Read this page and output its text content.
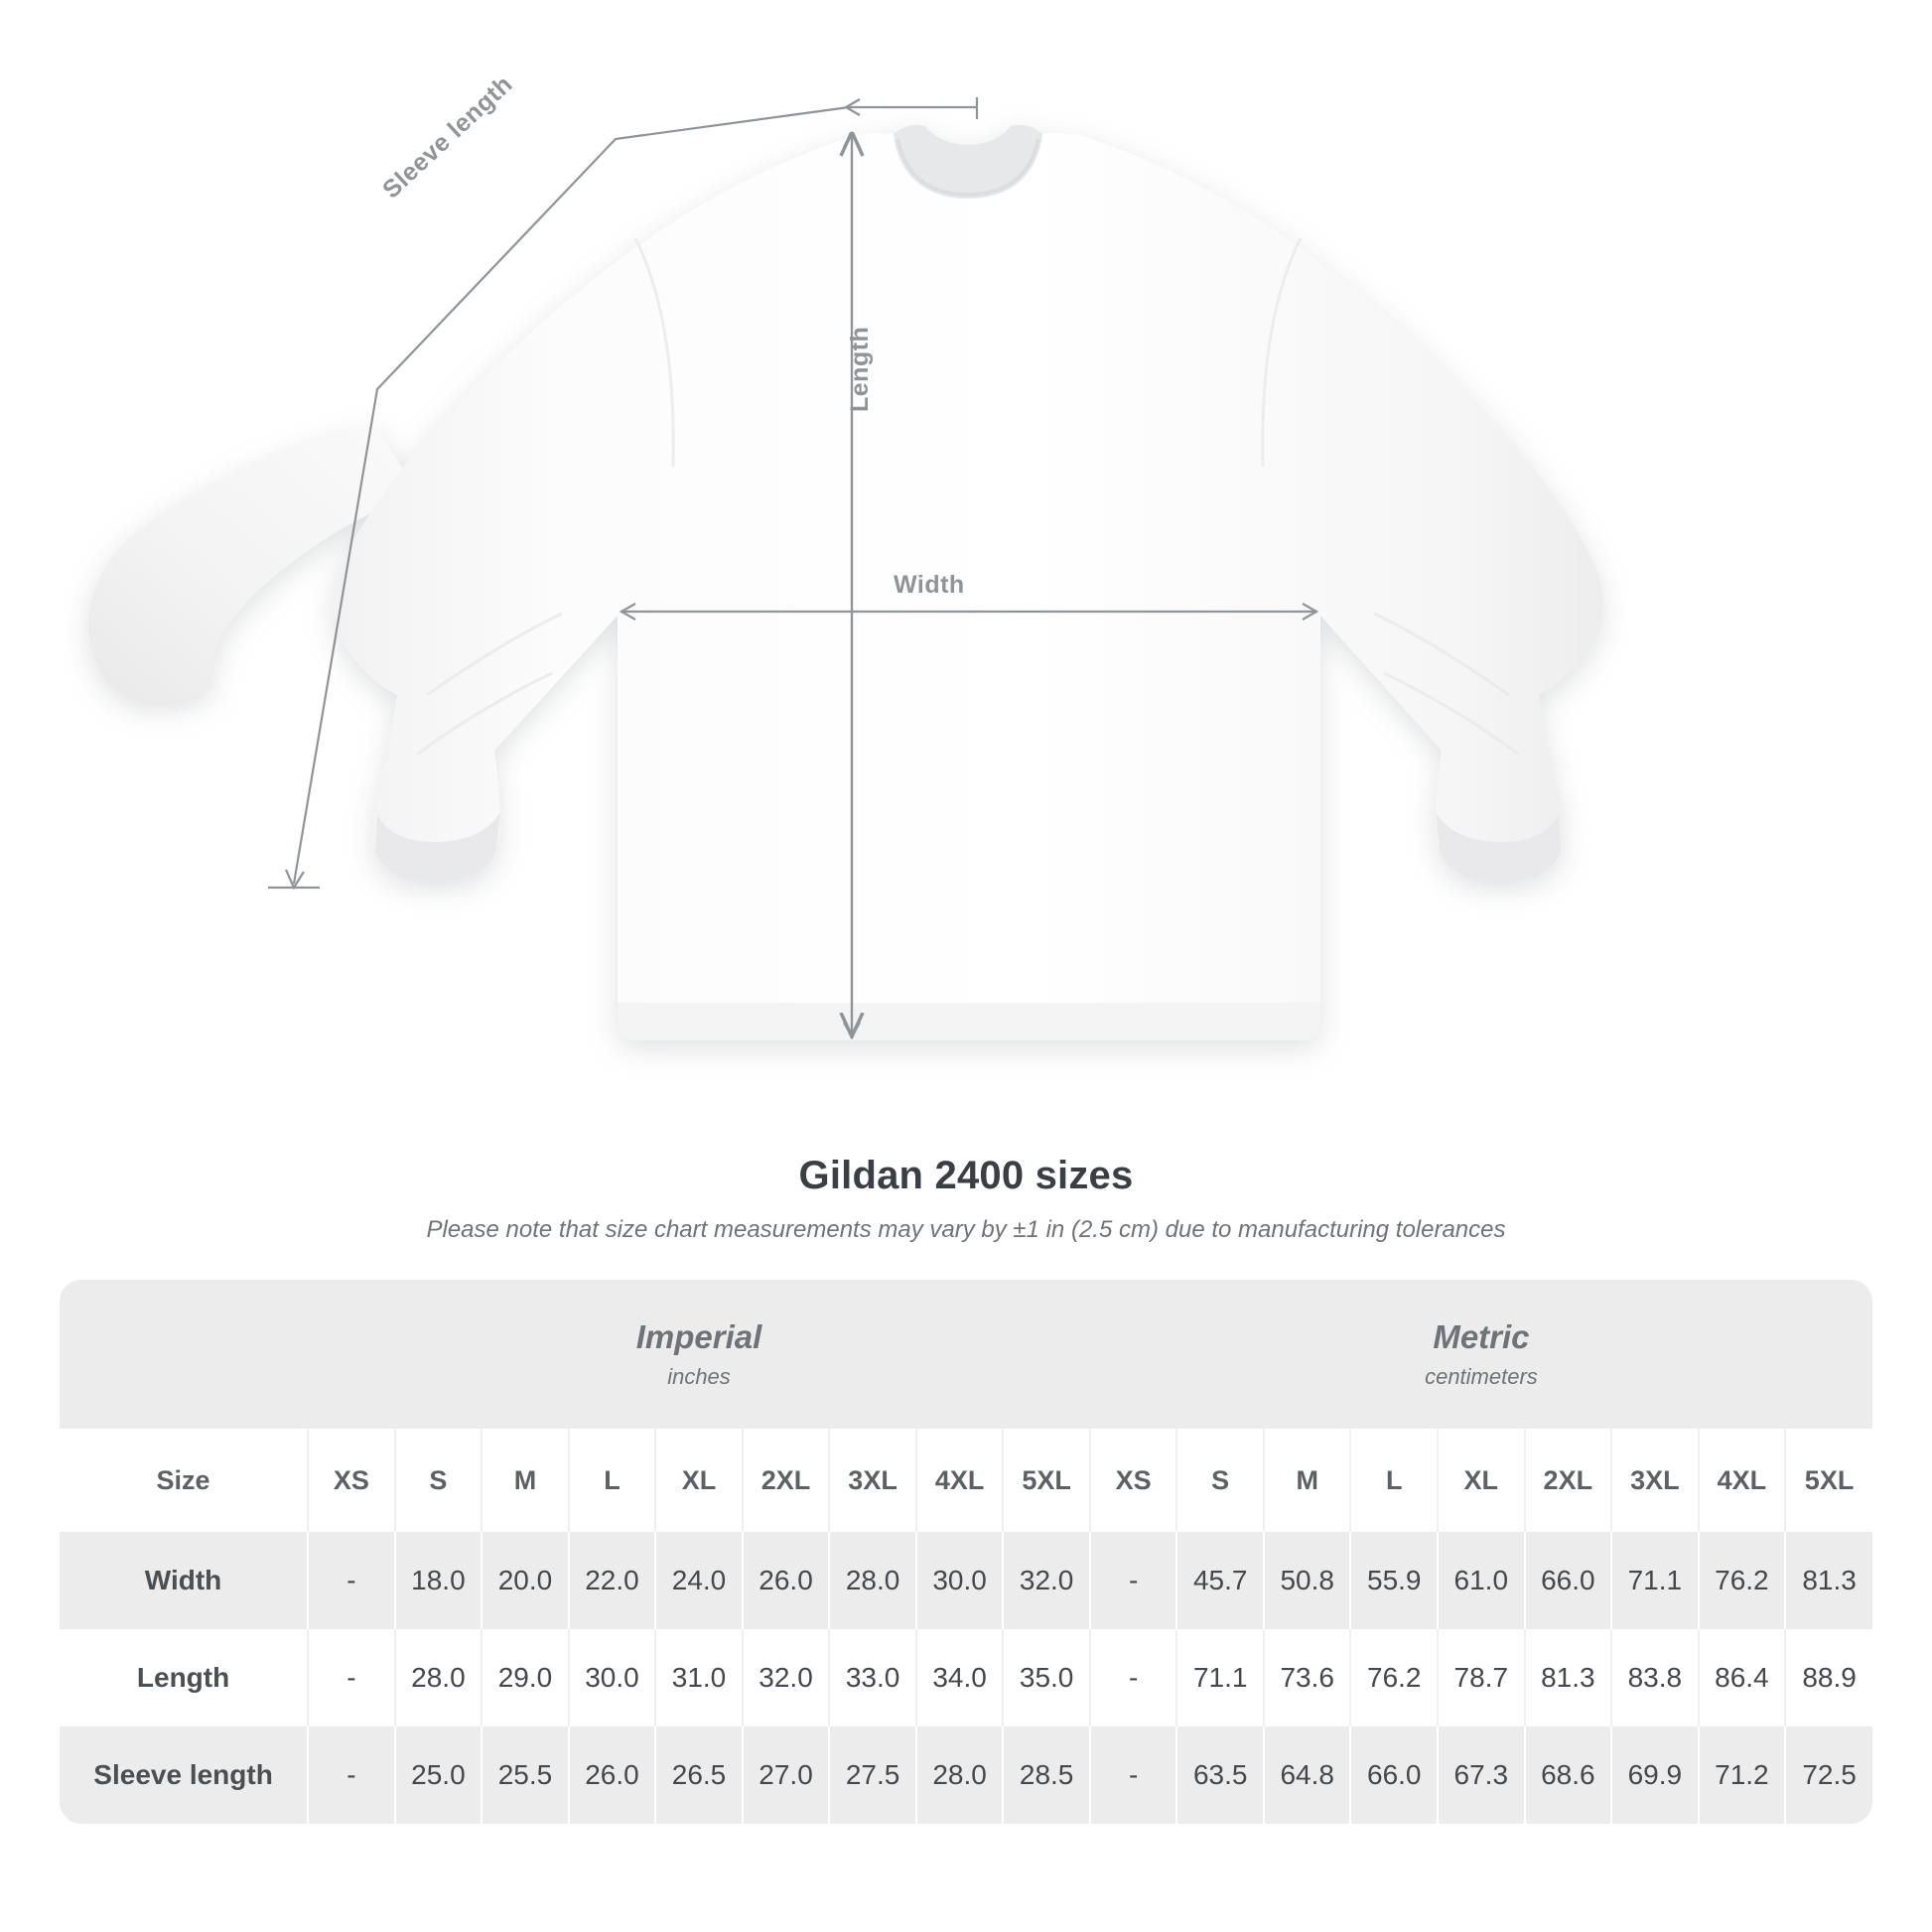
Length
Width
Sleeve length
Gildan 2400 sizes
Please note that size chart measurements may vary by ±1 in (2.5 cm) due to manufacturing tolerances

Imperial
inches

Metric
centimeters

Size	XS	S	M	L	XL	2XL	3XL	4XL	5XL	XS	S	M	L	XL	2XL	3XL	4XL	5XL
Width	-	18.0	20.0	22.0	24.0	26.0	28.0	30.0	32.0	-	45.7	50.8	55.9	61.0	66.0	71.1	76.2	81.3
Length	-	28.0	29.0	30.0	31.0	32.0	33.0	34.0	35.0	-	71.1	73.6	76.2	78.7	81.3	83.8	86.4	88.9
Sleeve length	-	25.0	25.5	26.0	26.5	27.0	27.5	28.0	28.5	-	63.5	64.8	66.0	67.3	68.6	69.9	71.2	72.5
